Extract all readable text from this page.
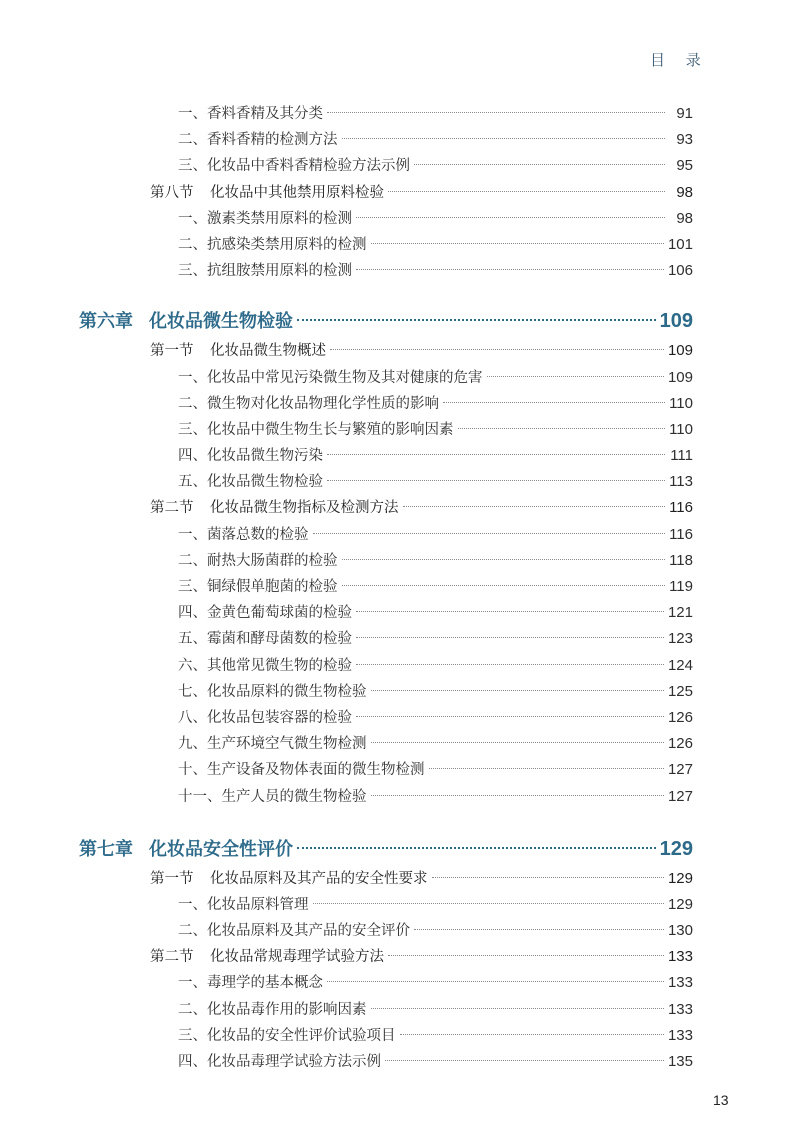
目 录
一、香料香精及其分类	91
二、香料香精的检测方法	93
三、化妆品中香料香精检验方法示例	95
第八节	化妆品中其他禁用原料检验	98
一、激素类禁用原料的检测	98
二、抗感染类禁用原料的检测	101
三、抗组胺禁用原料的检测	106
第六章 化妆品微生物检验	109
第一节	化妆品微生物概述	109
一、化妆品中常见污染微生物及其对健康的危害	109
二、微生物对化妆品物理化学性质的影响	110
三、化妆品中微生物生长与繁殖的影响因素	110
四、化妆品微生物污染	111
五、化妆品微生物检验	113
第二节	化妆品微生物指标及检测方法	116
一、菌落总数的检验	116
二、耐热大肠菌群的检验	118
三、铜绿假单胞菌的检验	119
四、金黄色葡萄球菌的检验	121
五、霉菌和酵母菌数的检验	123
六、其他常见微生物的检验	124
七、化妆品原料的微生物检验	125
八、化妆品包装容器的检验	126
九、生产环境空气微生物检测	126
十、生产设备及物体表面的微生物检测	127
十一、生产人员的微生物检验	127
第七章 化妆品安全性评价	129
第一节	化妆品原料及其产品的安全性要求	129
一、化妆品原料管理	129
二、化妆品原料及其产品的安全评价	130
第二节	化妆品常规毒理学试验方法	133
一、毒理学的基本概念	133
二、化妆品毒作用的影响因素	133
三、化妆品的安全性评价试验项目	133
四、化妆品毒理学试验方法示例	135
13
